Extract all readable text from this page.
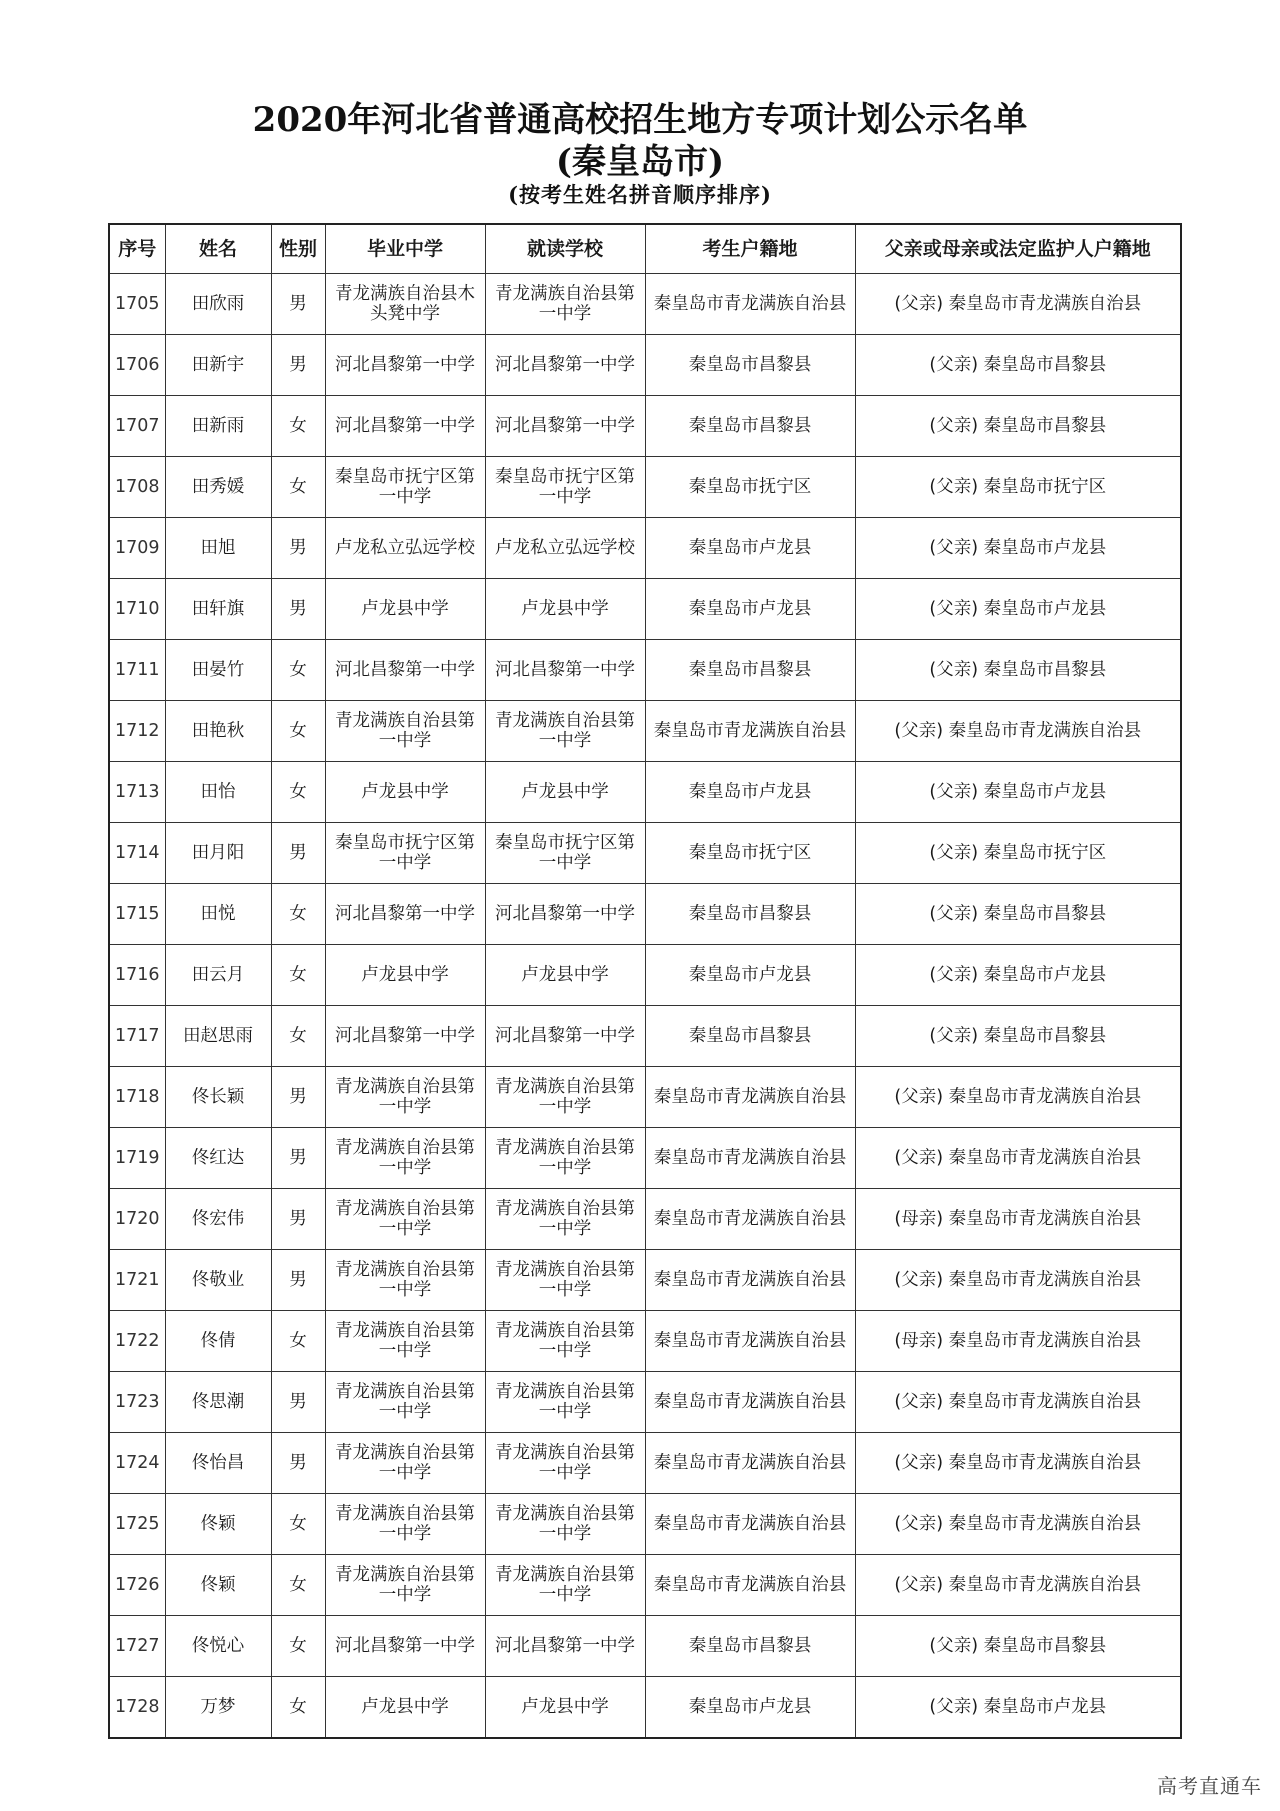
2020年河北省普通高校招生地方专项计划公示名单
(秦皇岛市)
(按考生姓名拼音顺序排序)
序号	姓名	性别	毕业中学	就读学校	考生户籍地	父亲或母亲或法定监护人户籍地
1705	田欣雨	男	青龙满族自治县木头凳中学	青龙满族自治县第一中学	秦皇岛市青龙满族自治县	(父亲) 秦皇岛市青龙满族自治县
1706	田新宇	男	河北昌黎第一中学	河北昌黎第一中学	秦皇岛市昌黎县	(父亲) 秦皇岛市昌黎县
1707	田新雨	女	河北昌黎第一中学	河北昌黎第一中学	秦皇岛市昌黎县	(父亲) 秦皇岛市昌黎县
1708	田秀媛	女	秦皇岛市抚宁区第一中学	秦皇岛市抚宁区第一中学	秦皇岛市抚宁区	(父亲) 秦皇岛市抚宁区
1709	田旭	男	卢龙私立弘远学校	卢龙私立弘远学校	秦皇岛市卢龙县	(父亲) 秦皇岛市卢龙县
1710	田轩旗	男	卢龙县中学	卢龙县中学	秦皇岛市卢龙县	(父亲) 秦皇岛市卢龙县
1711	田晏竹	女	河北昌黎第一中学	河北昌黎第一中学	秦皇岛市昌黎县	(父亲) 秦皇岛市昌黎县
1712	田艳秋	女	青龙满族自治县第一中学	青龙满族自治县第一中学	秦皇岛市青龙满族自治县	(父亲) 秦皇岛市青龙满族自治县
1713	田怡	女	卢龙县中学	卢龙县中学	秦皇岛市卢龙县	(父亲) 秦皇岛市卢龙县
1714	田月阳	男	秦皇岛市抚宁区第一中学	秦皇岛市抚宁区第一中学	秦皇岛市抚宁区	(父亲) 秦皇岛市抚宁区
1715	田悦	女	河北昌黎第一中学	河北昌黎第一中学	秦皇岛市昌黎县	(父亲) 秦皇岛市昌黎县
1716	田云月	女	卢龙县中学	卢龙县中学	秦皇岛市卢龙县	(父亲) 秦皇岛市卢龙县
1717	田赵思雨	女	河北昌黎第一中学	河北昌黎第一中学	秦皇岛市昌黎县	(父亲) 秦皇岛市昌黎县
1718	佟长颖	男	青龙满族自治县第一中学	青龙满族自治县第一中学	秦皇岛市青龙满族自治县	(父亲) 秦皇岛市青龙满族自治县
1719	佟红达	男	青龙满族自治县第一中学	青龙满族自治县第一中学	秦皇岛市青龙满族自治县	(父亲) 秦皇岛市青龙满族自治县
1720	佟宏伟	男	青龙满族自治县第一中学	青龙满族自治县第一中学	秦皇岛市青龙满族自治县	(母亲) 秦皇岛市青龙满族自治县
1721	佟敬业	男	青龙满族自治县第一中学	青龙满族自治县第一中学	秦皇岛市青龙满族自治县	(父亲) 秦皇岛市青龙满族自治县
1722	佟倩	女	青龙满族自治县第一中学	青龙满族自治县第一中学	秦皇岛市青龙满族自治县	(母亲) 秦皇岛市青龙满族自治县
1723	佟思潮	男	青龙满族自治县第一中学	青龙满族自治县第一中学	秦皇岛市青龙满族自治县	(父亲) 秦皇岛市青龙满族自治县
1724	佟怡昌	男	青龙满族自治县第一中学	青龙满族自治县第一中学	秦皇岛市青龙满族自治县	(父亲) 秦皇岛市青龙满族自治县
1725	佟颖	女	青龙满族自治县第一中学	青龙满族自治县第一中学	秦皇岛市青龙满族自治县	(父亲) 秦皇岛市青龙满族自治县
1726	佟颖	女	青龙满族自治县第一中学	青龙满族自治县第一中学	秦皇岛市青龙满族自治县	(父亲) 秦皇岛市青龙满族自治县
1727	佟悦心	女	河北昌黎第一中学	河北昌黎第一中学	秦皇岛市昌黎县	(父亲) 秦皇岛市昌黎县
1728	万梦	女	卢龙县中学	卢龙县中学	秦皇岛市卢龙县	(父亲) 秦皇岛市卢龙县
高考直通车
